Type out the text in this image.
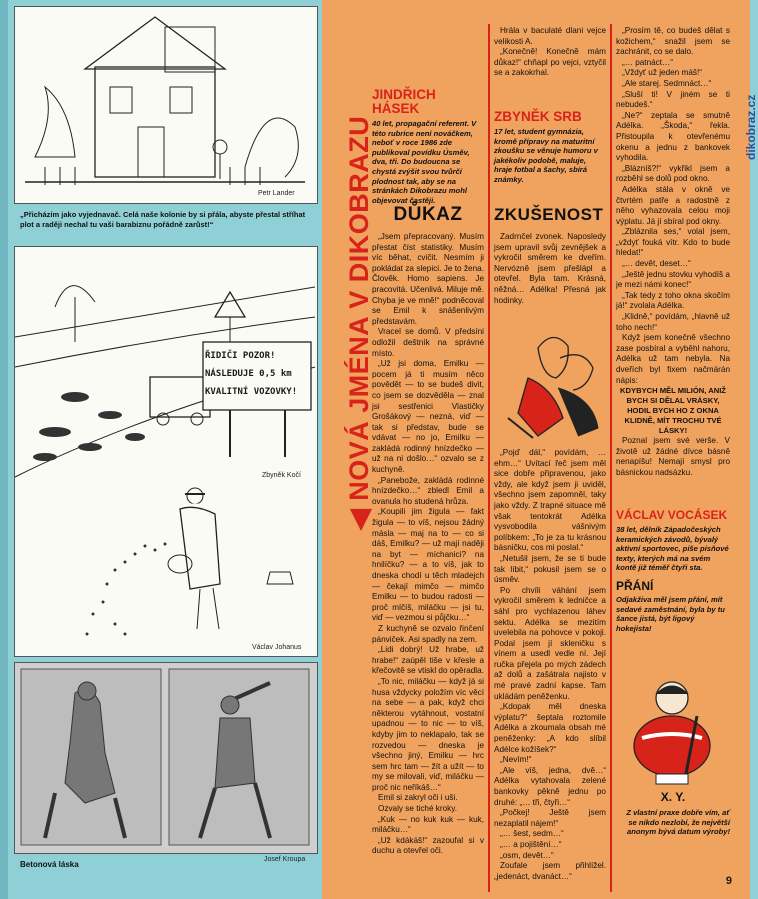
Petr Lander
„Přicházím jako vyjednavač. Celá naše kolonie by si přála, abyste přestal stříhat plot a raději nechal tu vaši barabiznu pořádně zarůst!“
ŘIDIČI POZOR!
NÁSLEDUJE 0,5 km
KVALITNÍ VOZOVKY!
Zbyněk Kočí
Václav Johanus
Josef Kroupa
Betonová láska
◀ NOVÁ JMÉNA V DIKOBRAZU	dikobraz.cz
JINDŘICH HÁSEK
40 let, propagační referent. V této rubrice není nováčkem, neboť v roce 1986 zde publikoval povídku Úsměv, dva, tři. Do budoucna se chystá zvýšit svou tvůrčí plodnost tak, aby se na stránkách Dikobrazu mohl objevovat častěji.
DŮKAZ

„Jsem přepracovaný. Musím přestat číst statistiky. Musím víc běhat, cvičit. Nesmím ji pokládat za slepici. Je to žena. Člověk. Homo sapiens. Je pracovitá. Učenlivá. Miluje mě. Chyba je ve mně!“ podněcoval se Emil k snášenlivým představám.

Vracel se domů. V předsíni odložil deštník na správné místo.

„Už jsi doma, Emilku — pocem já ti musím něco povědět — to se budeš divit, co jsem se dozvěděla — znal jsi sestřenici Vlastičky Grošákový — nezná, viď — tak si představ, bude se vdávat — no jo, Emilku — zakládá rodinný hnízdečko — už na ni došlo…“ ozvalo se z kuchyně.

„Panebože, zakládá rodinné hnízdečko…“ zbledl Emil a ovanula ho studená hrůza.

„Koupili jim žigula — fakt žigula — to víš, nejsou žádný másla — maj na to — co si dáš, Emilku? — už mají naději na byt — míchanici? na hnilíčku? — a to víš, jak to dneska chodí u těch mladejch — čekají mimčo — mimčo Emilku — to budou radosti — proč mlčíš, miláčku — jsi tu, viď — vezmou si půjčku…“

Z kuchyně se ozvalo řinčení pánviček. Asi spadly na zem.

„Lidi dobrý! Už hrabe, už hrabe!“ zaúpěl tiše v křesle a křečovitě se vtiskl do opěradla.

„To nic, miláčku — když já si husa vždycky položím víc věcí na sebe — a pak, když chci některou vytáhnout, vostatní upadnou — to nic — to víš, kdyby jim to neklapalo, tak se rozvedou — dneska je všechno jiný, Emilku — hrc sem hrc tam — žít a užít — to my se milovali, viď, miláčku — proč nic neříkáš…“

Emil si zakryl oči i uši.

Ozvaly se tiché kroky.

„Kuk — no kuk kuk — kuk, miláčku…“

„Už kdákáš!“ zazoufal si v duchu a otevřel oči.

Hrála v baculaté dlani vejce velikosti A.

„Konečně! Konečně mám důkaz!“ chňapl po vejci, vztyčil se a zakokrhal.

ZBYNĚK SRB
17 let, student gymnázia, kromě přípravy na maturitní zkoušku se věnuje humoru v jakékoliv podobě, maluje, hraje fotbal a šachy, sbírá známky.
ZKUŠENOST

Zadrnčel zvonek. Naposledy jsem upravil svůj zevnějšek a vykročil směrem ke dveřím. Nervózně jsem přešlápl a otevřel. Byla tam. Krásná, něžná… Adélka! Přesná jak hodinky.

„Pojď dál,“ povídám, … ehm…“ Uvítací řeč jsem měl sice dobře připravenou, jako vždy, ale když jsem ji uviděl, všechno jsem zapomněl, taky jako vždy. Z trapné situace mě však tentokrát Adélka vysvobodila vášnivým políbkem: „To je za tu krásnou básničku, cos mi poslal.“

„Netušil jsem, že se ti bude tak líbit,“ pokusil jsem se o úsměv.

Po chvíli váhání jsem vykročil směrem k ledničce a sáhl pro vychlazenou láhev sektu. Adélka se mezitím uvelebila na pohovce v pokoji. Podal jsem jí skleničku s vínem a usedl vedle ní. Její ručka přejela po mých zádech až dolů a zašátrala najisto v mé pravé zadní kapse. Tam ukládám peněženku.

„Kdopak měl dneska výplatu?“ šeptala roztomile Adélka a zkoumala obsah mé peněženky: „A kdo slíbil Adélce kožíšek?“

„Nevím!“

„Ale víš, jedna, dvě…“ Adélka vytahovala zelené bankovky pěkně jednu po druhé: „… tři, čtyři…“

„Počkej! Ještě jsem nezaplatil nájem!“

„… šest, sedm…“

„… a pojištění…“

„osm, devět…“

Zoufale jsem přihlížel. „jedenáct, dvanáct…“

„Prosím tě, co budeš dělat s kožichem,“ snažil jsem se zachránit, co se dalo.

„… patnáct…“

„Vždyť už jeden máš!“

„Ale starej. Sedmnáct…“

„Sluší ti! V jiném se ti nebudeš.“

„Ne?“ zeptala se smutně Adélka. „Škoda,“ řekla. Přistoupila k otevřenému okenu a jednu z bankovek vyhodila.

„Blázníš?!“ vykřikl jsem a rozběhl se dolů pod okno.

Adélka stála v okně ve čtvrtém patře a radostně z něho vyhazovala celou moji výplatu. Já jí sbíral pod okny.

„Zbláznila ses,“ volal jsem, „vždyť fouká vítr. Kdo to bude hledat!“

„… devět, deset…“

„Ještě jednu stovku vyhodíš a je mezi námi konec!“

„Tak tedy z toho okna skočím já!“ zvolala Adélka.

„Klidně,“ povídám, „hlavně už toho nech!“

Když jsem konečně všechno zase posbíral a vyběhl nahoru, Adélka už tam nebyla. Na dveřích byl fixem načmárán nápis:

KDYBYCH MĚL MILIÓN, ANIŽ BYCH SI DĚLAL VRÁSKY, HODIL BYCH HO Z OKNA KLIDNĚ, MÍT TROCHU TVÉ LÁSKY!

Poznal jsem své verše. V životě už žádné dívce básně nenapíšu! Nemají smysl pro básnickou nadsázku.

VÁCLAV VOCÁSEK
38 let, dělník Západočeských keramických závodů, bývalý aktivní sportovec, píše písňové texty, kterých má na svém kontě již téměř čtyři sta.
PŘÁNÍ
Odjakživa měl jsem přání, mít sedavé zaměstnání, byla by tu šance jistá, být ligový hokejista!
X. Y.
Z vlastní praxe dobře vím, ať se nikdo nezlobí, že největší anonym bývá datum výroby!
9
